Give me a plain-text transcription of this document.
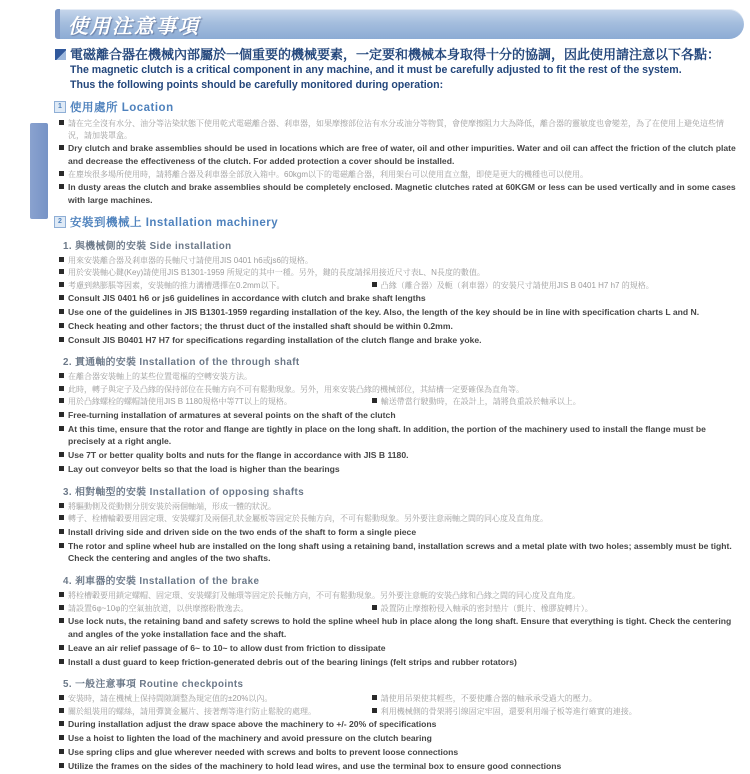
使用注意事項
電磁離合器在機械內部屬於一個重要的機械要素，一定要和機械本身取得十分的協調，因此使用請注意以下各點：
The magnetic clutch is a critical component in any machine, and it must be carefully adjusted to fit the rest of the system.
Thus the following points should be carefully monitored during operation:
1 使用處所 Location
請在完全沒有水分、油分等沾染狀態下使用乾式電磁離合器、剎車器，如果摩擦部位沾有水分或油分等物質，會使摩擦阻力大為降低，離合器的靈敏度也會變差，為了在使用上避免這些情況，請加裝罩盒。
Dry clutch and brake assemblies should be used in locations which are free of water, oil and other impurities. Water and oil can affect the friction of the clutch plate and decrease the effectiveness of the clutch. For added protection a cover should be installed.
在塵埃很多場所使用時，請將離合器及剎車器全部放入箱中。60kgm以下的電磁離合器，利用架台可以使用直立盤，即使是更大的機種也可以使用。
In dusty areas the clutch and brake assemblies should be completely enclosed. Magnetic clutches rated at 60KGM or less can be used vertically and in some cases with large machines.
2 安裝到機械上 Installation machinery
1. 與機械側的安裝 Side installation
用來安裝離合器及剎車器的長軸尺寸請使用JIS 0401 h6或js6的規格。
用於安裝軸心鍵(Key)請使用JIS B1301-1959 所規定的其中一種。另外，鍵的長度請採用接近尺寸表L、N長度的數值。
考慮到熱膨脹等因素，安裝軸的推力溝槽選擇在0.2mm以下。	凸緣（離合器）及軛（剎車器）的安裝尺寸請使用JIS B 0401 H7 h7 的規格。
Consult JIS 0401 h6 or js6 guidelines in accordance with clutch and brake shaft lengths
Use one of the guidelines in JIS B1301-1959 regarding installation of the key. Also, the length of the key should be in line with specification charts L and N.
Check heating and other factors; the thrust duct of the installed shaft should be within 0.2mm.
Consult JIS B0401 H7 H7 for specifications regarding installation of the clutch flange and brake yoke.
2. 貫通軸的安裝 Installation of the through shaft
在離合器安裝軸上的某些位置電樞的空轉安裝方法。
此時，轉子與定子及凸緣的保持部位在長軸方向不可有鬆動現象。另外，用來安裝凸緣的機械部位，其結構一定要確保為直角等。
用於凸緣螺栓的螺帽請使用JIS B 1180規格中等7T以上的規格。	輸送帶當行駛動時，在設計上，請將負重設於軸承以上。
Free-turning installation of armatures at several points on the shaft of the clutch
At this time, ensure that the rotor and flange are tightly in place on the long shaft. In addition, the portion of the machinery used to install the flange must be precisely at a right angle.
Use 7T or better quality bolts and nuts for the flange in accordance with JIS B 1180.
Lay out conveyor belts so that the load is higher than the bearings
3. 相對軸型的安裝 Installation of opposing shafts
將驅動側及從動側分別安裝於兩個軸端，形成一體的狀況。
轉子、栓槽輪轂要用固定環、安裝螺釘及兩個孔狀金屬板等固定於長軸方向，不可有鬆動現象。另外要注意兩軸之間的同心度及直角度。
Install driving side and driven side on the two ends of the shaft to form a single piece
The rotor and spline wheel hub are installed on the long shaft using a retaining band, installation screws and a metal plate with two holes; assembly must be tight. Check the centering and angles of the two shafts.
4. 剎車器的安裝 Installation of the brake
將栓槽轂要用鎖定螺帽、固定環、安裝螺釘及軸環等固定於長軸方向，不可有鬆動現象。另外要注意軛的安裝凸緣和凸緣之間的同心度及直角度。
請設置6φ~10φ的空氣抽放道，以供摩擦粉散逸去。	設置防止摩擦粉侵入軸承的密封墊片（氈片、橡膠旋轉片）。
Use lock nuts, the retaining band and safety screws to hold the spline wheel hub in place along the long shaft. Ensure that everything is tight. Check the centering and angles of the yoke installation face and the shaft.
Leave an air relief passage of 6~ to 10~ to allow dust from friction to dissipate
Install a dust guard to keep friction-generated debris out of the bearing linings (felt strips and rubber rotators)
5. 一般注意事項 Routine checkpoints
安裝時，請在機械上保持間隙調整為規定值的±20%以內。	請使用吊架使其輕些，不要使離合器的軸承承受過大的壓力。
關於組裝用的螺絲，請用彈簧金屬片、接著劑等進行防止鬆脫的處理。	利用機械側的骨架將引線固定牢固，還要利用端子板等進行確實的連接。
During installation adjust the draw space above the machinery to +/- 20% of specifications
Use a hoist to lighten the load of the machinery and avoid pressure on the clutch bearing
Use spring clips and glue wherever needed with screws and bolts to prevent loose connections
Utilize the frames on the sides of the machinery to hold lead wires, and use the terminal box to ensure good connections
